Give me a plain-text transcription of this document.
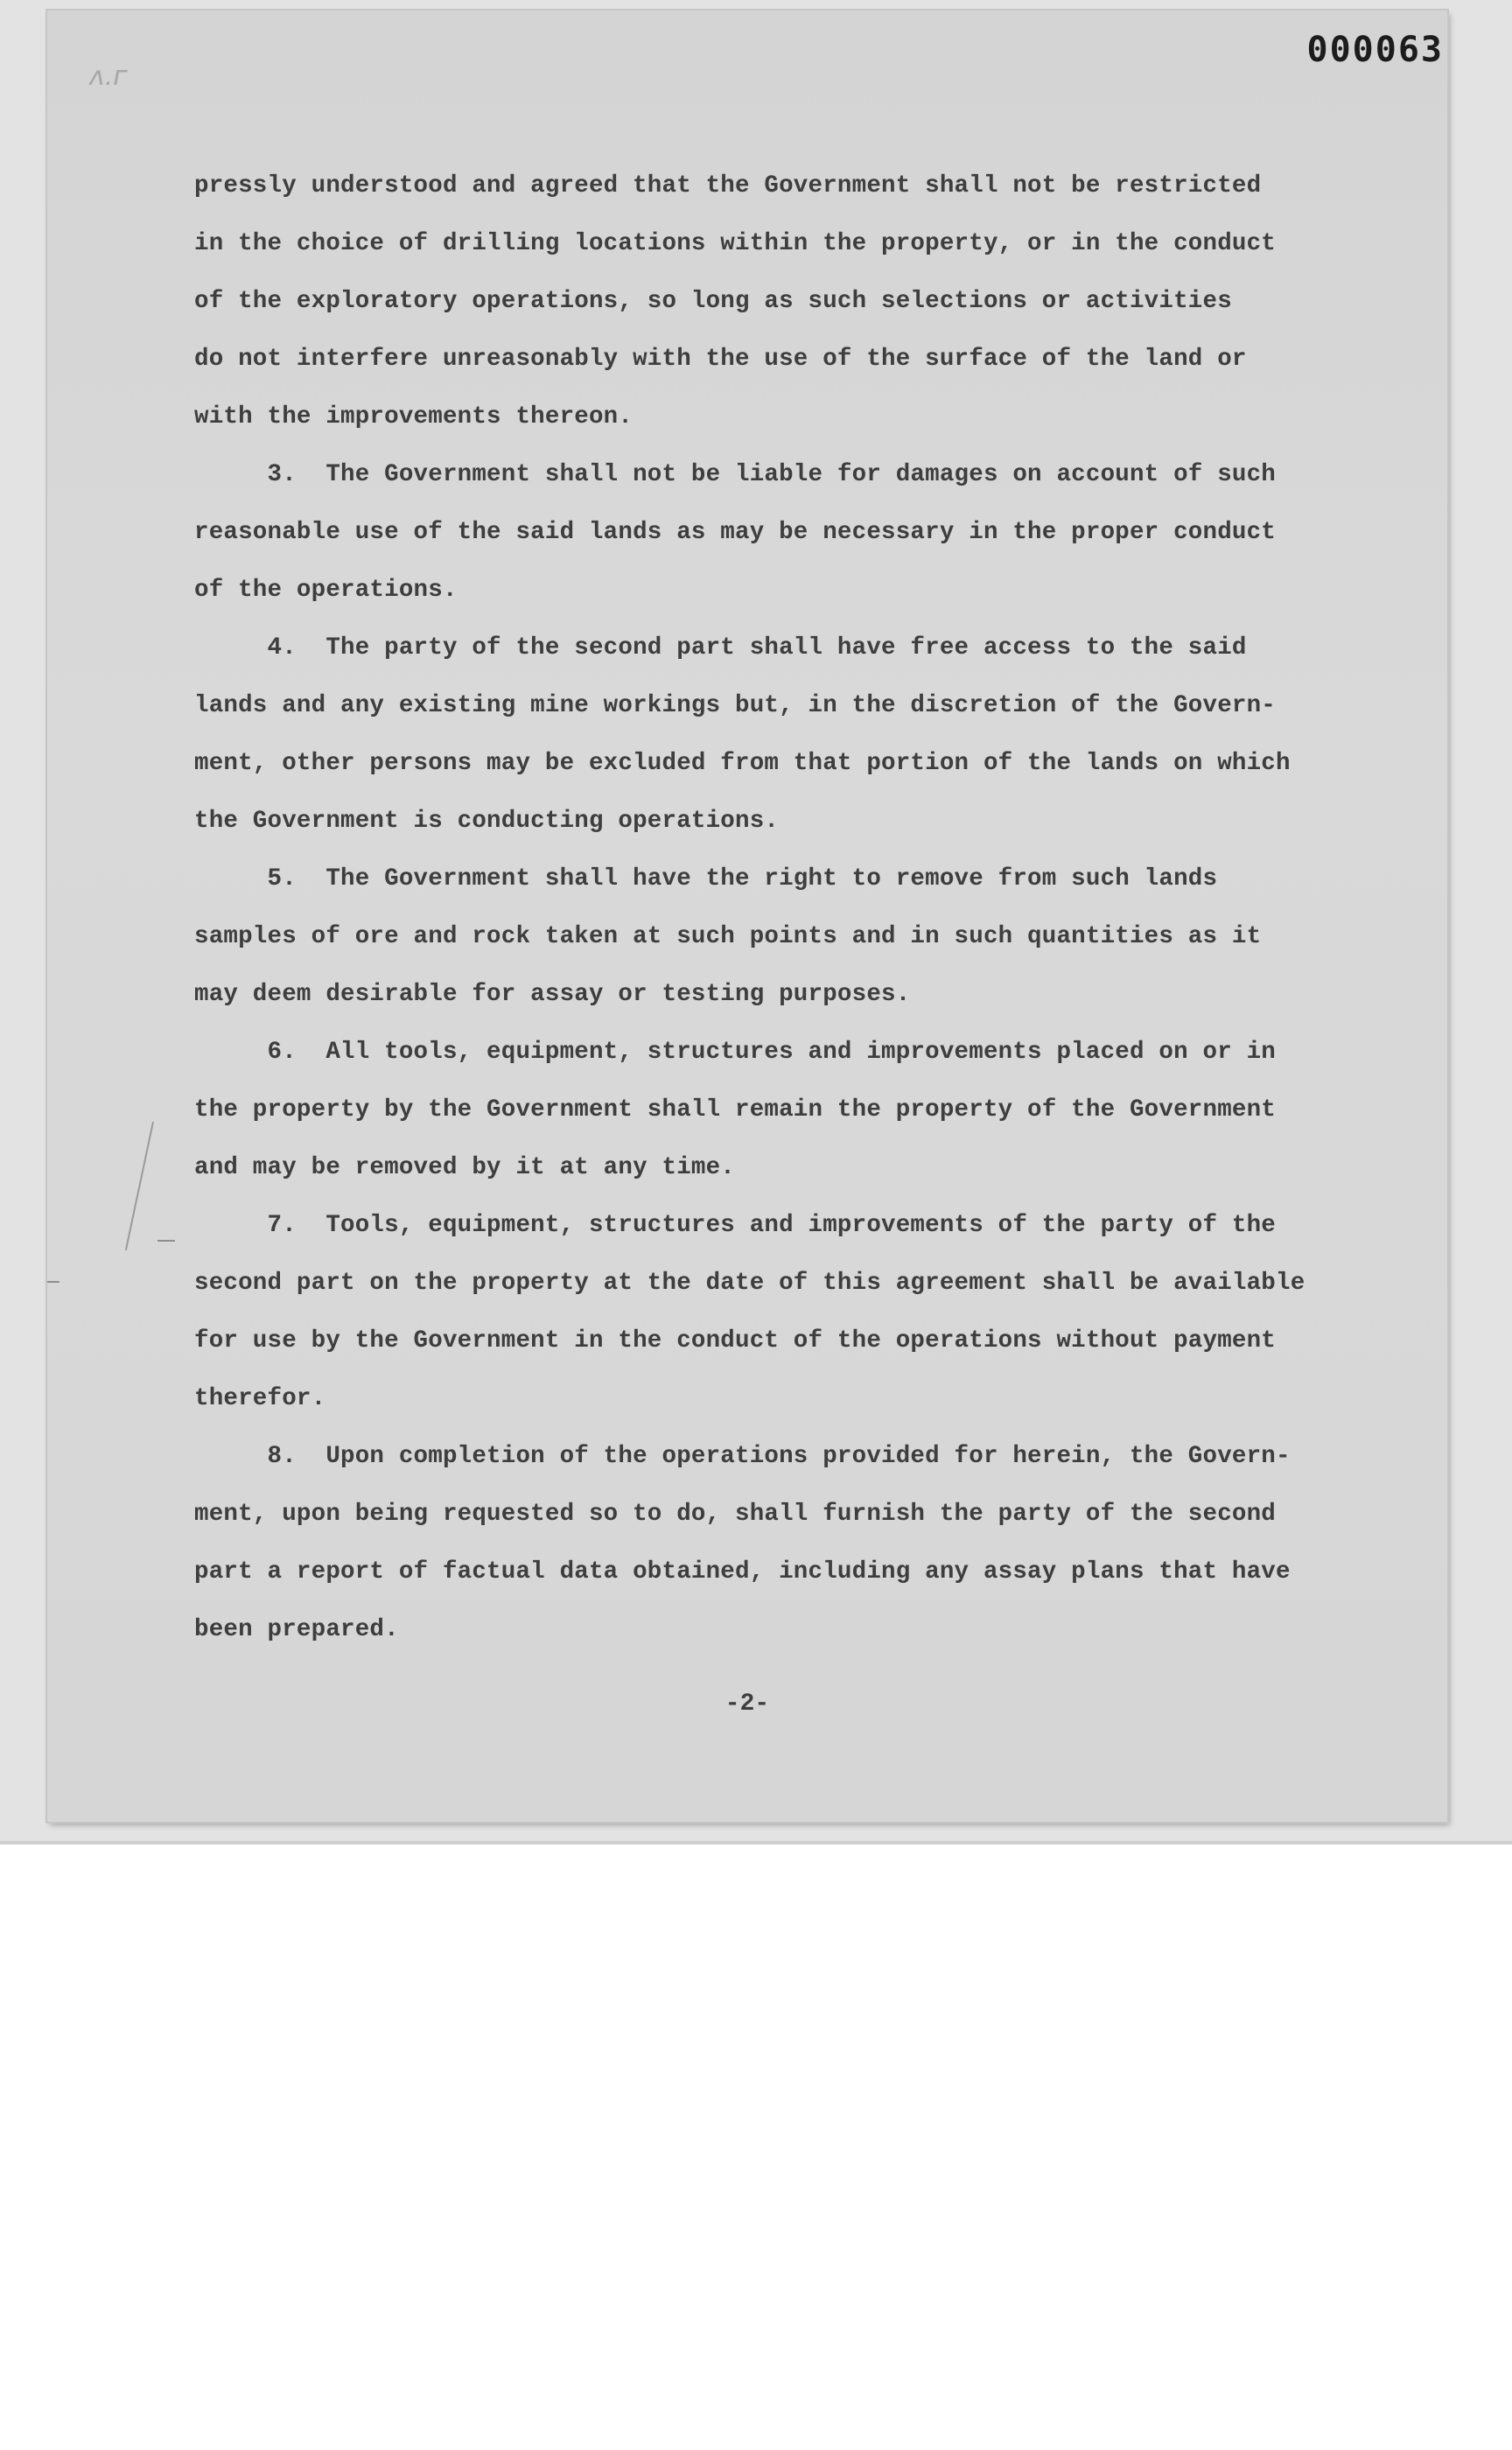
000063
ᴧ.ᴦ
pressly understood and agreed that the Government shall not be restricted
in the choice of drilling locations within the property, or in the conduct
of the exploratory operations, so long as such selections or activities
do not interfere unreasonably with the use of the surface of the land or
with the improvements thereon.
3.  The Government shall not be liable for damages on account of such
reasonable use of the said lands as may be necessary in the proper conduct
of the operations.
4.  The party of the second part shall have free access to the said
lands and any existing mine workings but, in the discretion of the Govern-
ment, other persons may be excluded from that portion of the lands on which
the Government is conducting operations.
5.  The Government shall have the right to remove from such lands
samples of ore and rock taken at such points and in such quantities as it
may deem desirable for assay or testing purposes.
6.  All tools, equipment, structures and improvements placed on or in
the property by the Government shall remain the property of the Government
and may be removed by it at any time.
7.  Tools, equipment, structures and improvements of the party of the
second part on the property at the date of this agreement shall be available
for use by the Government in the conduct of the operations without payment
therefor.
8.  Upon completion of the operations provided for herein, the Govern-
ment, upon being requested so to do, shall furnish the party of the second
part a report of factual data obtained, including any assay plans that have
been prepared.
-2-
